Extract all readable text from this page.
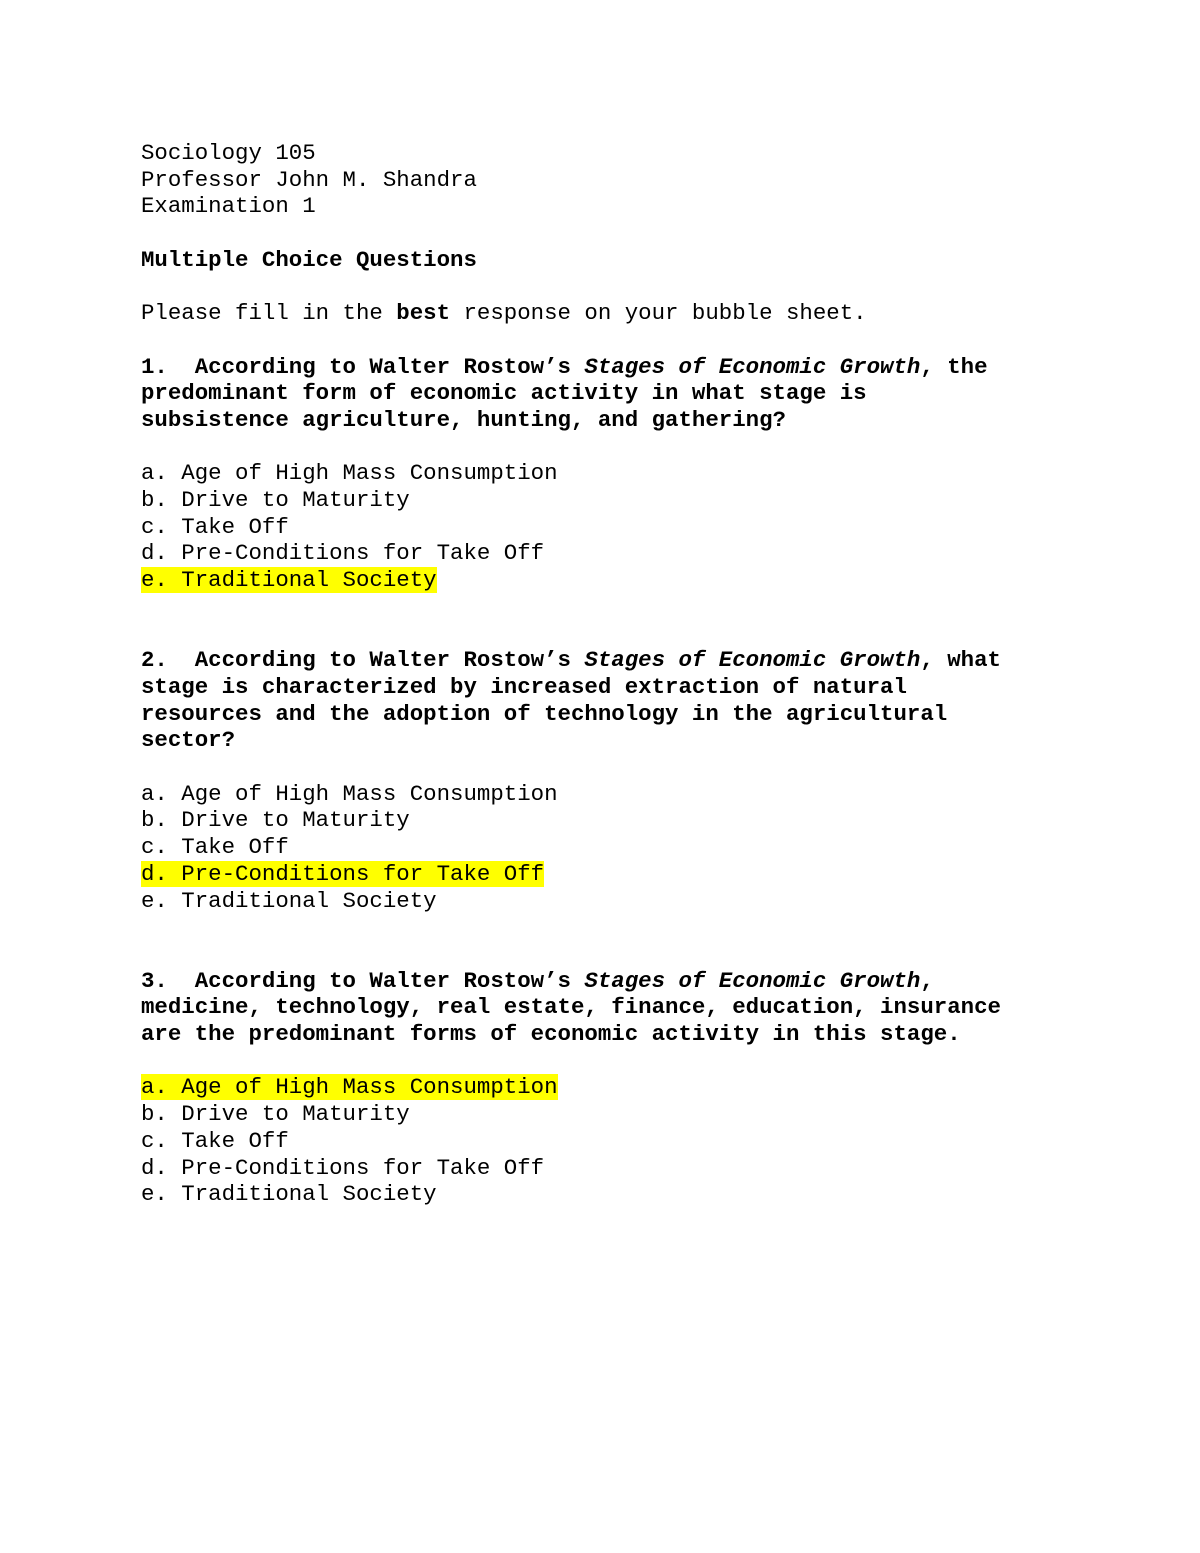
Sociology 105
Professor John M. Shandra
Examination 1
Multiple Choice Questions
Please fill in the best response on your bubble sheet.
1.  According to Walter Rostow’s Stages of Economic Growth, the
predominant form of economic activity in what stage is
subsistence agriculture, hunting, and gathering?
a. Age of High Mass Consumption
b. Drive to Maturity
c. Take Off
d. Pre-Conditions for Take Off
e. Traditional Society
2.  According to Walter Rostow’s Stages of Economic Growth, what
stage is characterized by increased extraction of natural
resources and the adoption of technology in the agricultural
sector?
a. Age of High Mass Consumption
b. Drive to Maturity
c. Take Off
d. Pre-Conditions for Take Off
e. Traditional Society
3.  According to Walter Rostow’s Stages of Economic Growth,
medicine, technology, real estate, finance, education, insurance
are the predominant forms of economic activity in this stage.
a. Age of High Mass Consumption
b. Drive to Maturity
c. Take Off
d. Pre-Conditions for Take Off
e. Traditional Society
